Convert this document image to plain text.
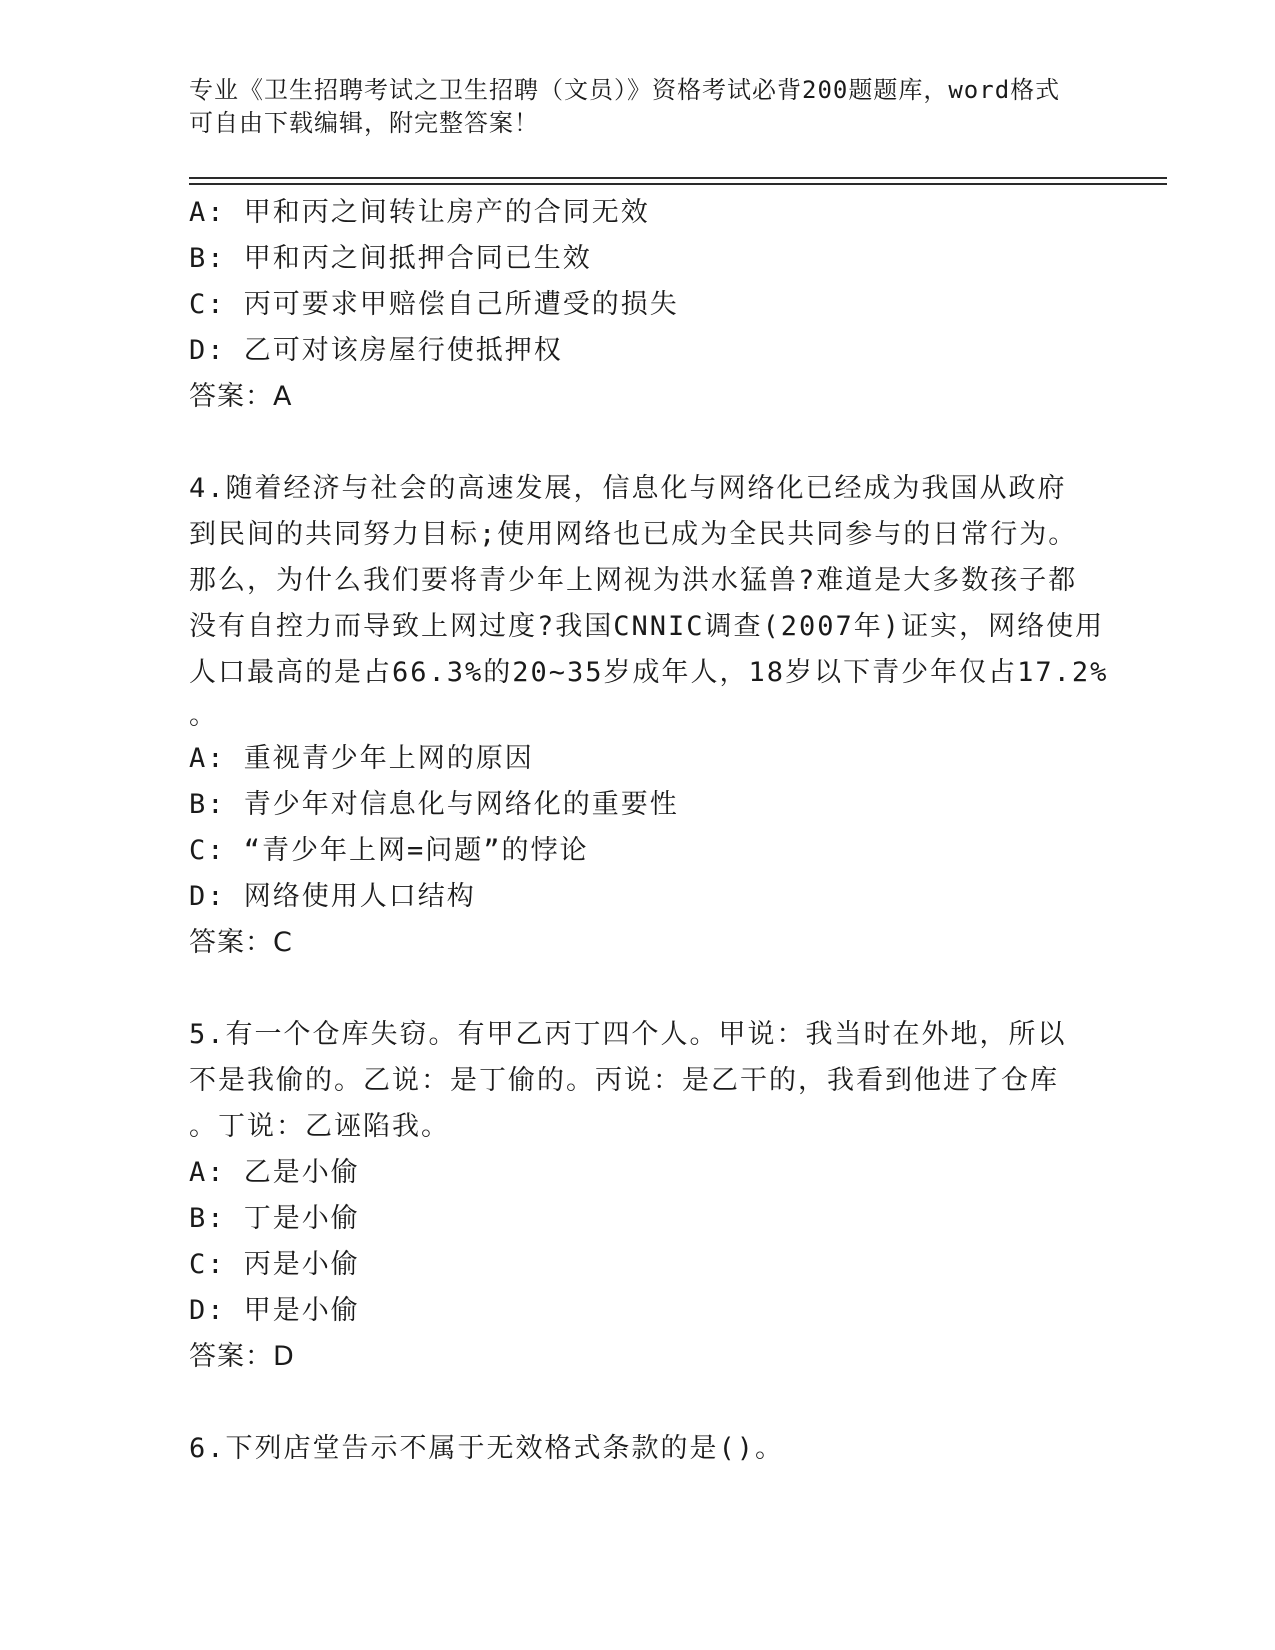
专业《卫生招聘考试之卫生招聘（文员）》资格考试必背200题题库，word格式
可自由下载编辑，附完整答案！
A: 甲和丙之间转让房产的合同无效
B: 甲和丙之间抵押合同已生效
C: 丙可要求甲赔偿自己所遭受的损失
D: 乙可对该房屋行使抵押权
答案：A
4.随着经济与社会的高速发展，信息化与网络化已经成为我国从政府
到民间的共同努力目标;使用网络也已成为全民共同参与的日常行为。
那么，为什么我们要将青少年上网视为洪水猛兽?难道是大多数孩子都
没有自控力而导致上网过度?我国CNNIC调查(2007年)证实，网络使用
人口最高的是占66.3%的20~35岁成年人，18岁以下青少年仅占17.2%
。
A: 重视青少年上网的原因
B: 青少年对信息化与网络化的重要性
C: “青少年上网=问题”的悖论
D: 网络使用人口结构
答案：C
5.有一个仓库失窃。有甲乙丙丁四个人。甲说：我当时在外地，所以
不是我偷的。乙说：是丁偷的。丙说：是乙干的，我看到他进了仓库
。丁说：乙诬陷我。
A: 乙是小偷
B: 丁是小偷
C: 丙是小偷
D: 甲是小偷
答案：D
6.下列店堂告示不属于无效格式条款的是()。
